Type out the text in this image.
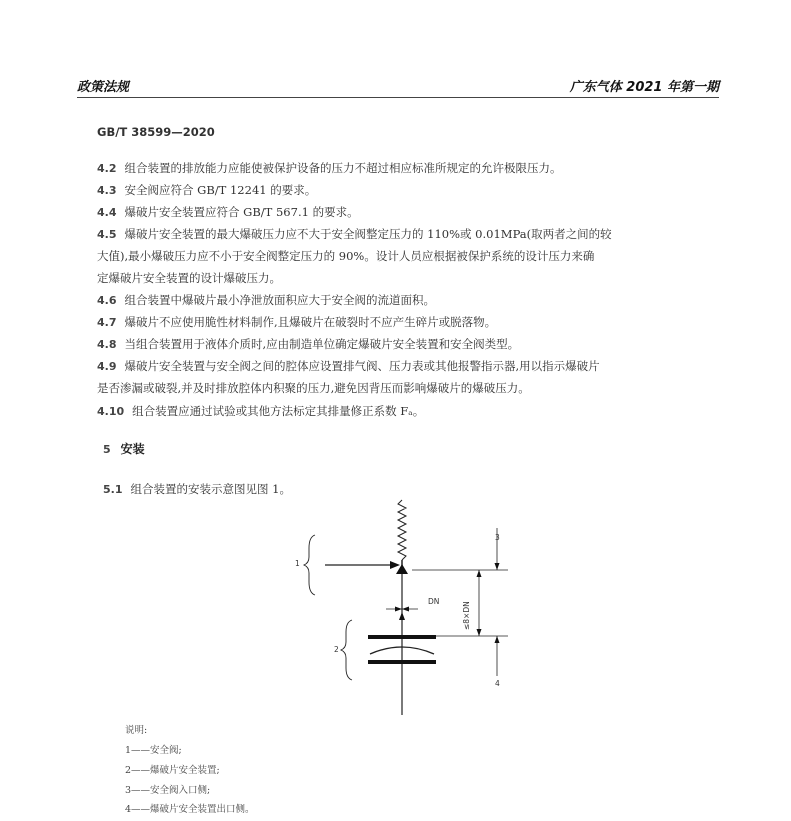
政策法规	广东气体 2021 年第一期
GB/T 38599—2020
4.2 组合装置的排放能力应能使被保护设备的压力不超过相应标准所规定的允许极限压力。
4.3 安全阀应符合 GB/T 12241 的要求。
4.4 爆破片安全装置应符合 GB/T 567.1 的要求。
4.5 爆破片安全装置的最大爆破压力应不大于安全阀整定压力的 110%或 0.01MPa(取两者之间的较
大值),最小爆破压力应不小于安全阀整定压力的 90%。设计人员应根据被保护系统的设计压力来确
定爆破片安全装置的设计爆破压力。
4.6 组合装置中爆破片最小净泄放面积应大于安全阀的流道面积。
4.7 爆破片不应使用脆性材料制作,且爆破片在破裂时不应产生碎片或脱落物。
4.8 当组合装置用于液体介质时,应由制造单位确定爆破片安全装置和安全阀类型。
4.9 爆破片安全装置与安全阀之间的腔体应设置排气阀、压力表或其他报警指示器,用以指示爆破片
是否渗漏或破裂,并及时排放腔体内积聚的压力,避免因背压而影响爆破片的爆破压力。
4.10 组合装置应通过试验或其他方法标定其排量修正系数 Fₐ。
5 安装
5.1 组合装置的安装示意图见图 1。
1
2
3
4
DN	≤8×DN
说明:
1——安全阀;
2——爆破片安全装置;
3——安全阀入口侧;
4——爆破片安全装置出口侧。
